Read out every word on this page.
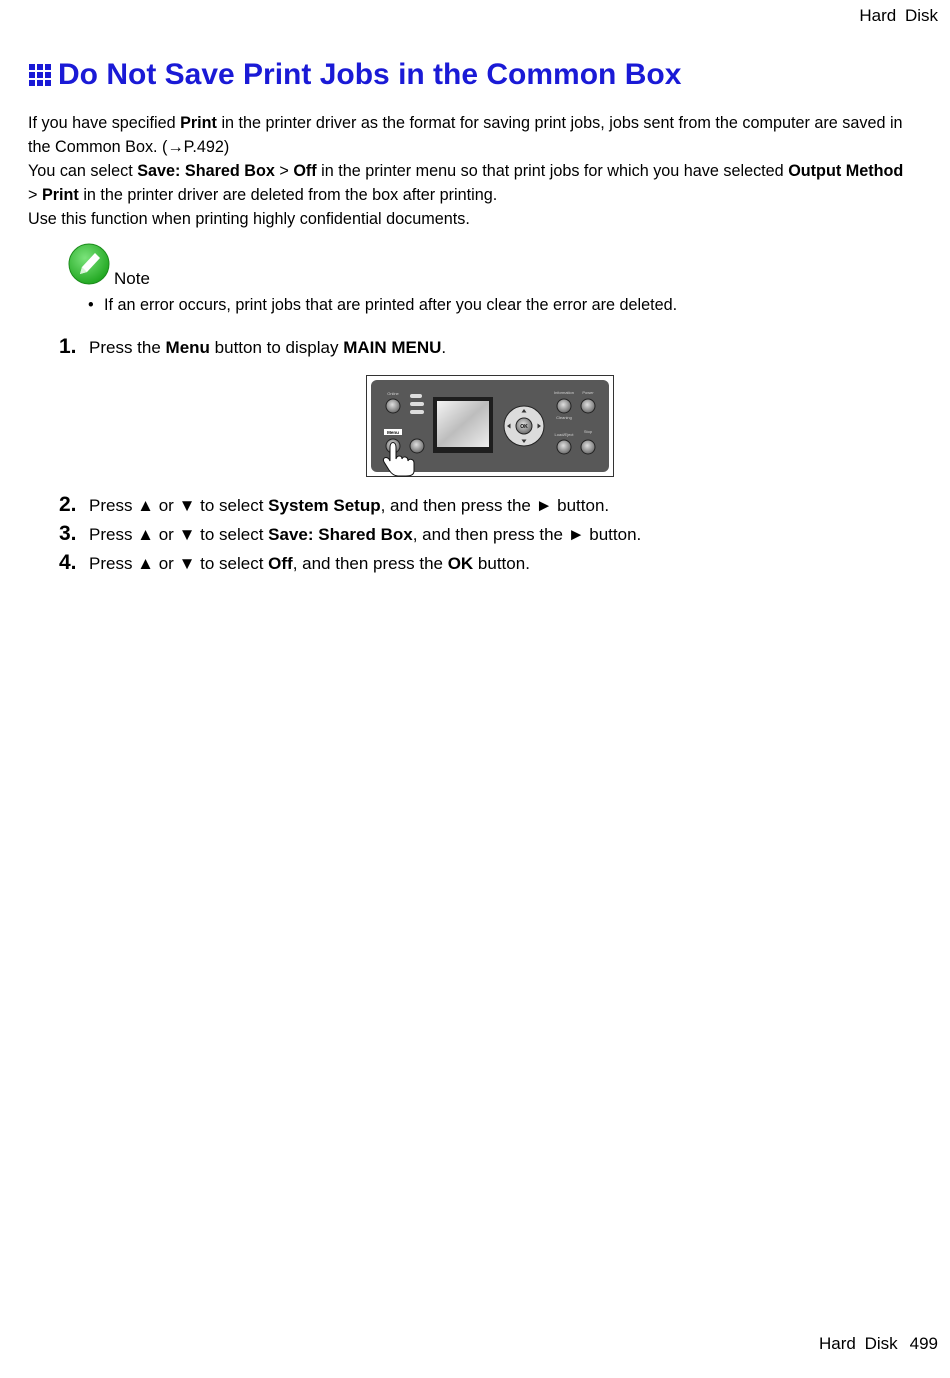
Hard Disk
Do Not Save Print Jobs in the Common Box

If you have specified Print in the printer driver as the format for saving print jobs, jobs sent from the computer are saved in the Common Box. (→P.492)

You can select Save: Shared Box > Off in the printer menu so that print jobs for which you have selected Output Method > Print in the printer driver are deleted from the box after printing.

Use this function when printing highly confidential documents.

Note
• If an error occurs, print jobs that are printed after you clear the error are deleted.
1. Press the Menu button to display MAIN MENU.
Online
Menu
OK
Information Power
Cleaning
Load/Eject
Stop
2. Press ▲ or ▼ to select System Setup, and then press the ► button.
3. Press ▲ or ▼ to select Save: Shared Box, and then press the ► button.
4. Press ▲ or ▼ to select Off, and then press the OK button.
Hard Disk 499
